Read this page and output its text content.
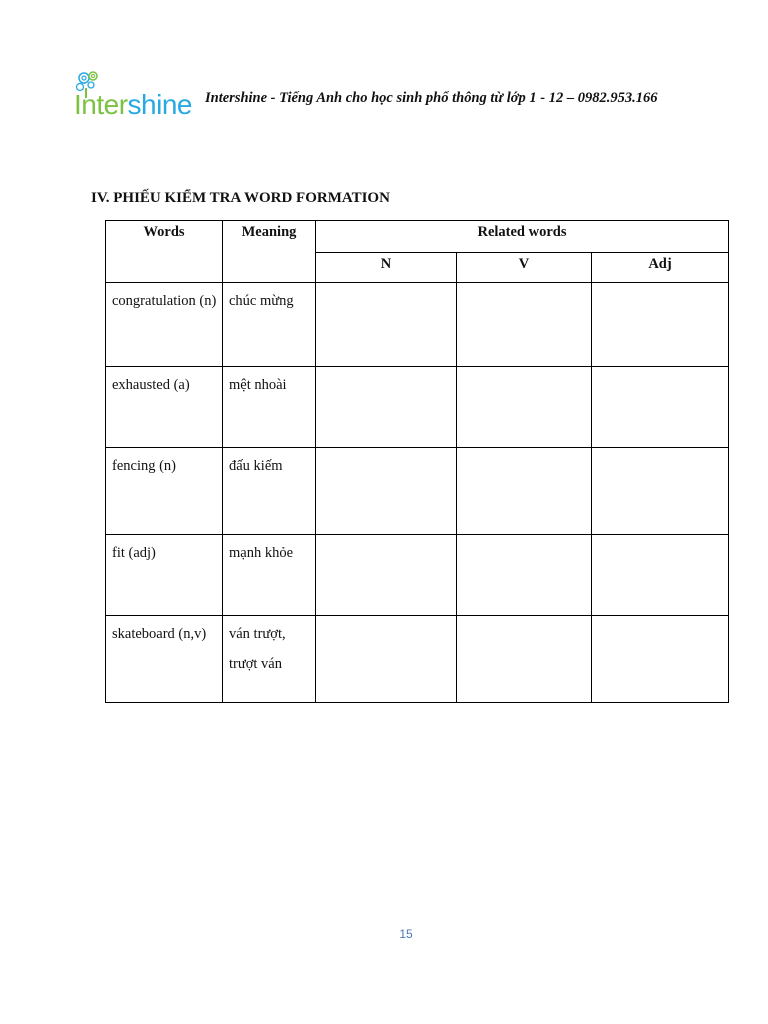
Intershine Intershine - Tiếng Anh cho học sinh phổ thông từ lớp 1 - 12 – 0982.953.166
IV. PHIẾU KIỂM TRA WORD FORMATION
Words	Meaning	Related words		

		N	V	Adj

congratulation (n)	chúc mừng			

exhausted (a)	mệt nhoài			

fencing (n)	đấu kiếm			

fit (adj)	mạnh khỏe			

skateboard (n,v)	ván trượt, trượt ván			

15
